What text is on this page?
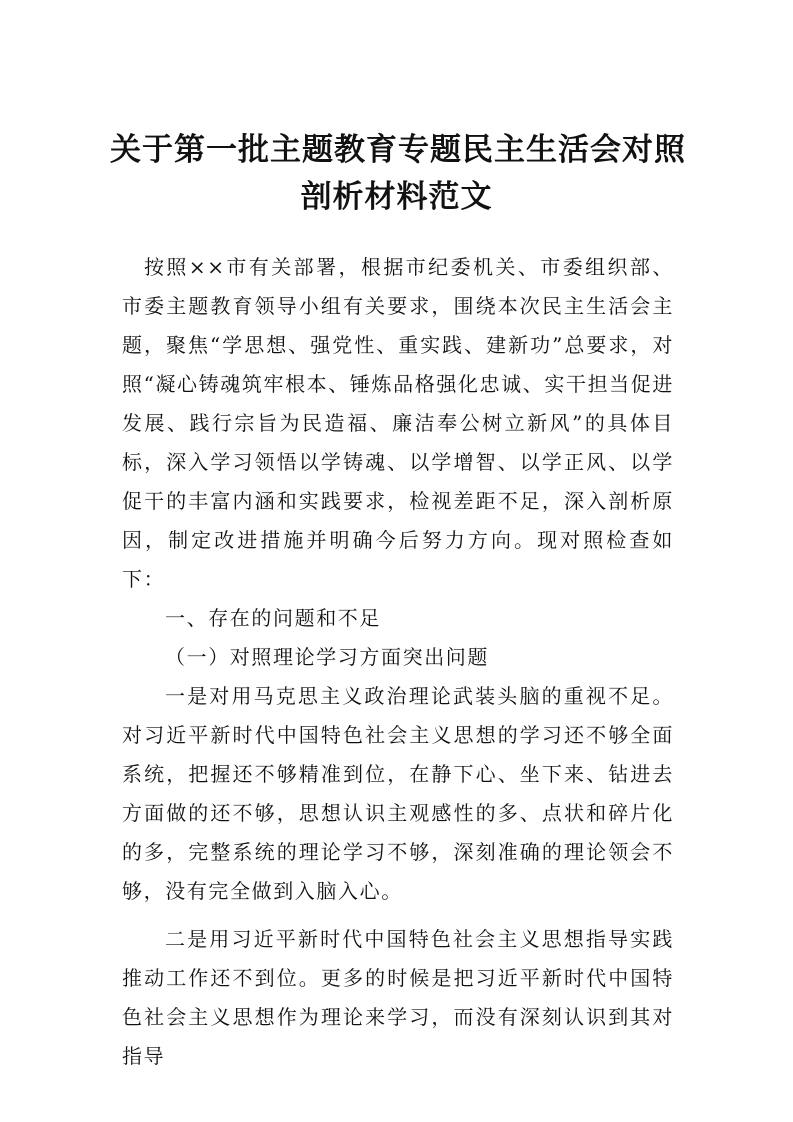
关于第一批主题教育专题民主生活会对照
剖析材料范文

按照××市有关部署，根据市纪委机关、市委组织部、市委主题教育领导小组有关要求，围绕本次民主生活会主题，聚焦“学思想、强党性、重实践、建新功”总要求，对照“凝心铸魂筑牢根本、锤炼品格强化忠诚、实干担当促进发展、践行宗旨为民造福、廉洁奉公树立新风”的具体目标，深入学习领悟以学铸魂、以学增智、以学正风、以学促干的丰富内涵和实践要求，检视差距不足，深入剖析原因，制定改进措施并明确今后努力方向。现对照检查如下：

一、存在的问题和不足

（一）对照理论学习方面突出问题

一是对用马克思主义政治理论武装头脑的重视不足。对习近平新时代中国特色社会主义思想的学习还不够全面系统，把握还不够精准到位，在静下心、坐下来、钻进去方面做的还不够，思想认识主观感性的多、点状和碎片化的多，完整系统的理论学习不够，深刻准确的理论领会不够，没有完全做到入脑入心。

二是用习近平新时代中国特色社会主义思想指导实践推动工作还不到位。更多的时候是把习近平新时代中国特色社会主义思想作为理论来学习，而没有深刻认识到其对指导
